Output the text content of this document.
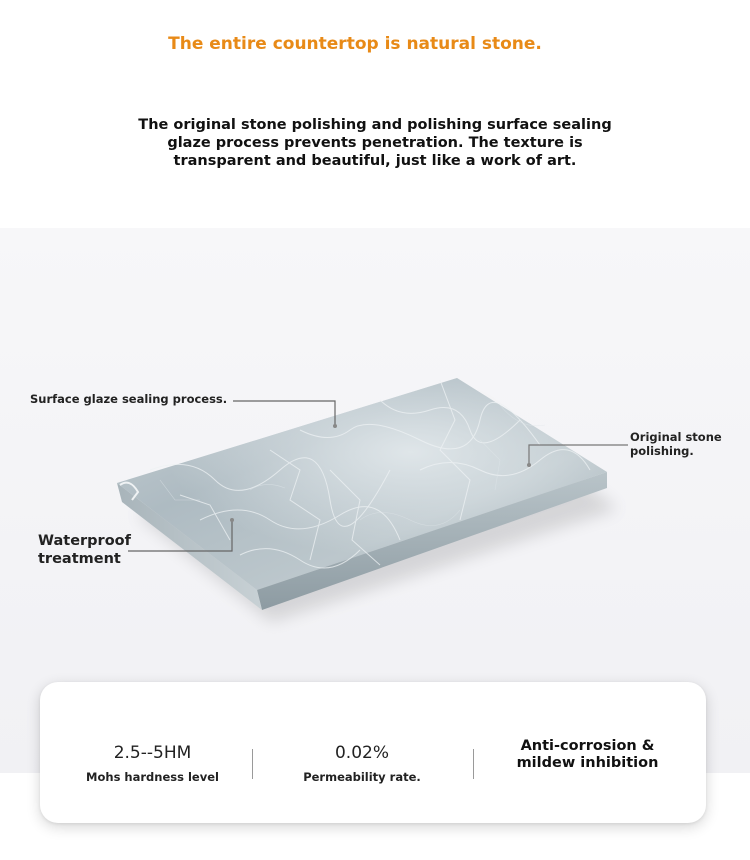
The entire countertop is natural stone.
The original stone polishing and polishing surface sealing glaze process prevents penetration. The texture is transparent and beautiful, just like a work of art.
Surface glaze sealing process.
Original stone polishing.
Waterproof treatment
2.5--5HM
Mohs hardness level
0.02%
Permeability rate.
Anti-corrosion & mildew inhibition
